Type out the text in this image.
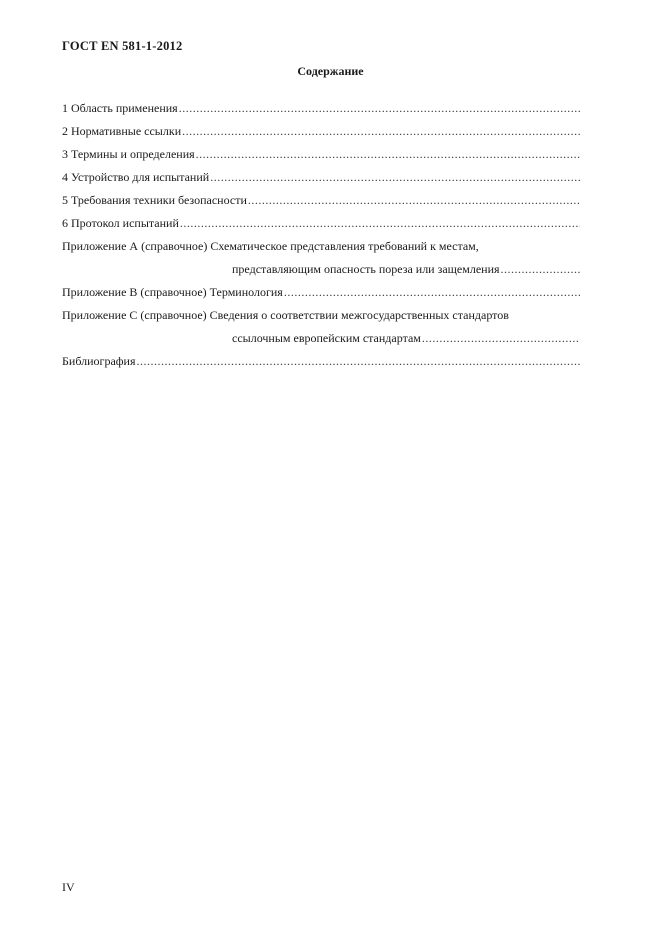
ГОСТ EN 581-1-2012
Содержание
1 Область применения
.....
2 Нормативные ссылки
.....
3 Термины и определения
.....
4 Устройство для испытаний
.....
5 Требования техники безопасности
.....
6 Протокол испытаний
.....
Приложение А (справочное) Схематическое представления требований к местам,
представляющим опасность пореза или защемления
.....
Приложение В (справочное) Терминология
.....
Приложение С (справочное) Сведения о соответствии межгосударственных стандартов
ссылочным европейским стандартам
.....
Библиография
.....
IV
